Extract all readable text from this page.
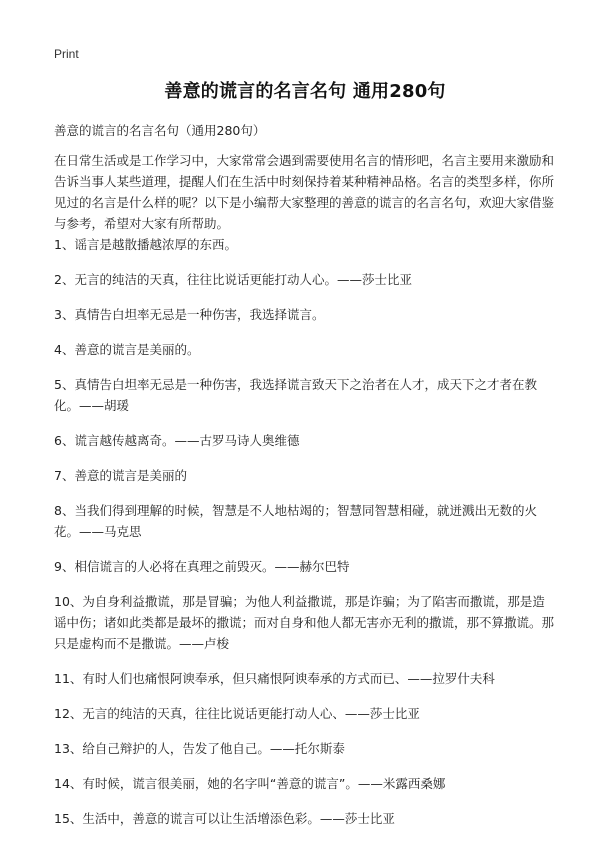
Print
善意的谎言的名言名句 通用280句
善意的谎言的名言名句（通用280句）
在日常生活或是工作学习中，大家常常会遇到需要使用名言的情形吧，名言主要用来激励和告诉当事人某些道理，提醒人们在生活中时刻保持着某种精神品格。名言的类型多样，你所见过的名言是什么样的呢？以下是小编帮大家整理的善意的谎言的名言名句，欢迎大家借鉴与参考，希望对大家有所帮助。
1、谣言是越散播越浓厚的东西。
2、无言的纯洁的天真，往往比说话更能打动人心。——莎士比亚
3、真情告白坦率无忌是一种伤害，我选择谎言。
4、善意的谎言是美丽的。
5、真情告白坦率无忌是一种伤害，我选择谎言致天下之治者在人才，成天下之才者在教化。——胡瑗
6、谎言越传越离奇。——古罗马诗人奥维德
7、善意的谎言是美丽的
8、当我们得到理解的时候，智慧是不人地枯竭的；智慧同智慧相碰，就迸溅出无数的火花。——马克思
9、相信谎言的人必将在真理之前毁灭。——赫尔巴特
10、为自身利益撒谎，那是冒骗；为他人利益撒谎，那是诈骗；为了陷害而撒谎，那是造谣中伤；诸如此类都是最坏的撒谎；而对自身和他人都无害亦无利的撒谎，那不算撒谎。那只是虚构而不是撒谎。——卢梭
11、有时人们也痛恨阿谀奉承，但只痛恨阿谀奉承的方式而已、——拉罗什夫科
12、无言的纯洁的天真，往往比说话更能打动人心、——莎士比亚
13、给自己辩护的人，告发了他自己。——托尔斯泰
14、有时候，谎言很美丽，她的名字叫“善意的谎言”。——米露西桑娜
15、生活中，善意的谎言可以让生活增添色彩。——莎士比亚
